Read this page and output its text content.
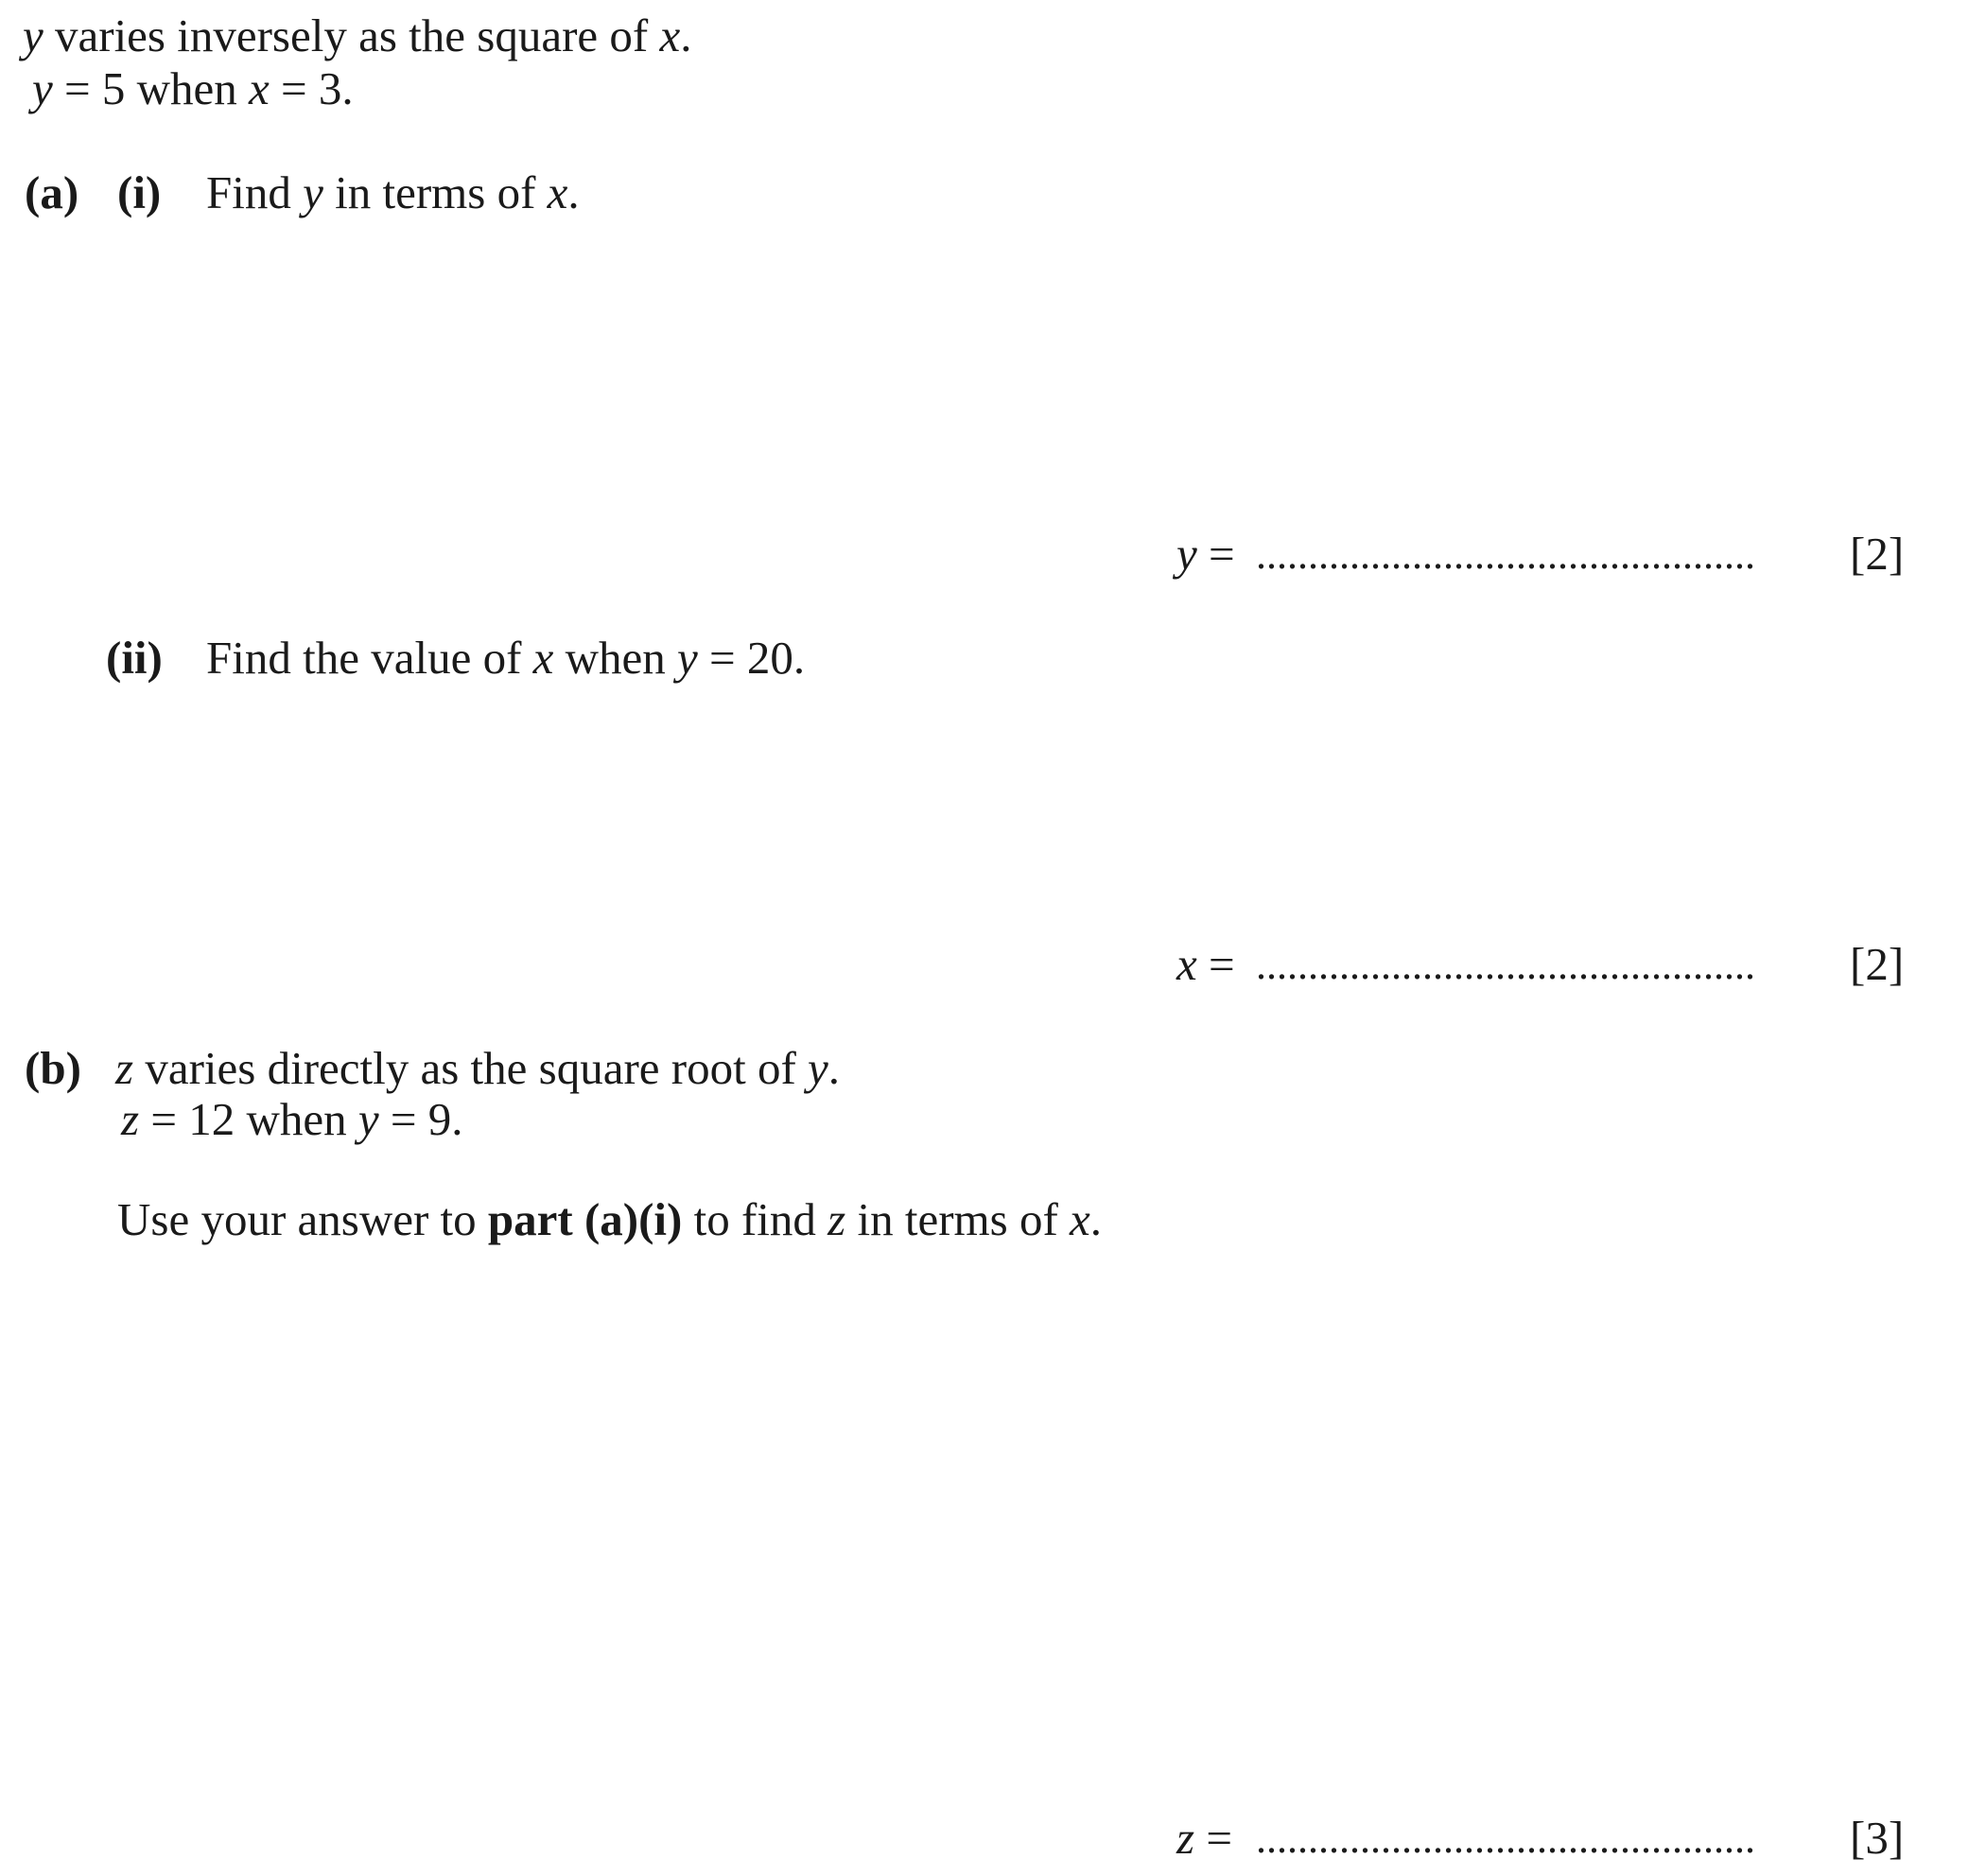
y varies inversely as the square of x.
y = 5 when x = 3.
(a) (i) Find y in terms of x.
y = ................................................ [2]
(ii) Find the value of x when y = 20.
x = ................................................ [2]
(b) z varies directly as the square root of y.
z = 12 when y = 9.
Use your answer to part (a)(i) to find z in terms of x.
z = ................................................ [3]
